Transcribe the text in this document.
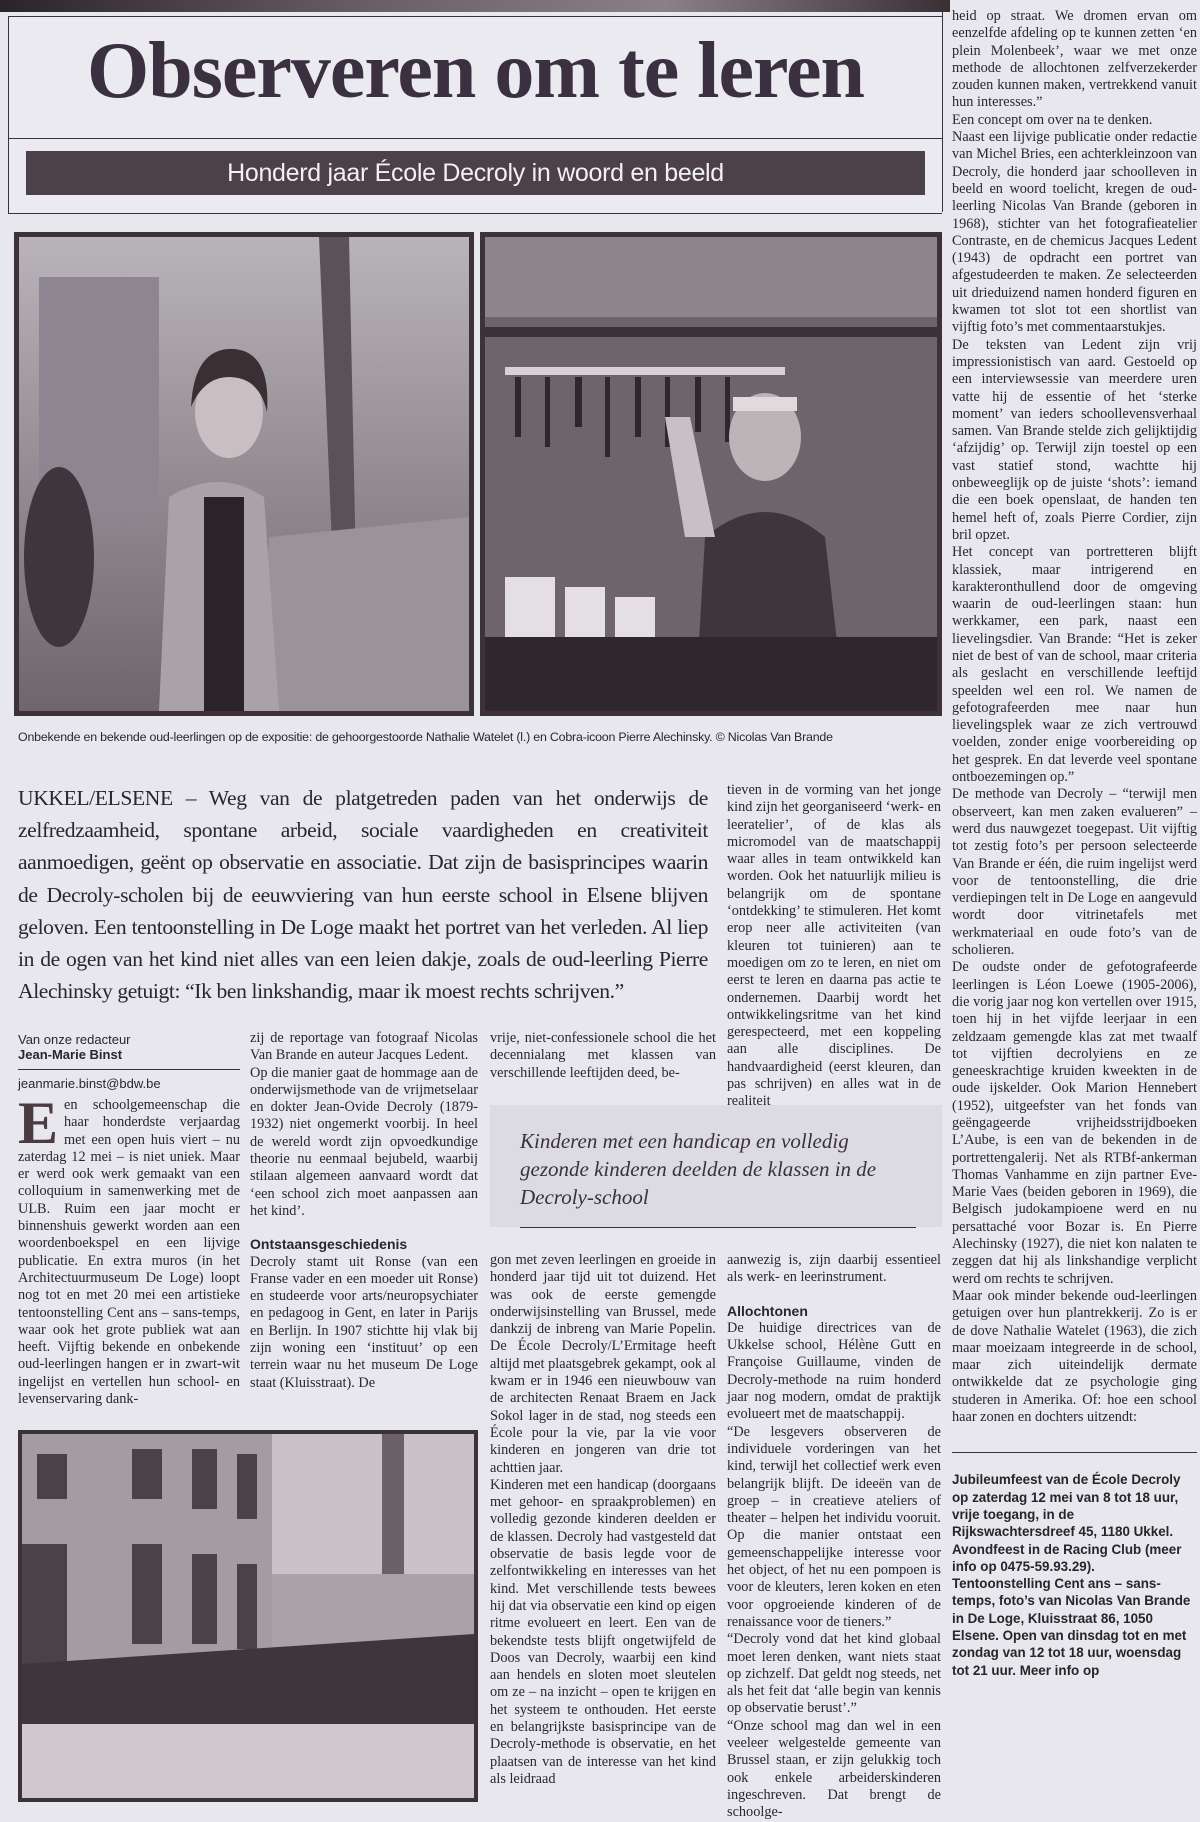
Observeren om te leren
Honderd jaar École Decroly in woord en beeld
Onbekende en bekende oud-leerlingen op de expositie: de gehoorgestoorde Nathalie Watelet (l.) en Cobra-icoon Pierre Alechinsky. © Nicolas Van Brande

UKKEL/ELSENE – Weg van de platgetreden paden van het onderwijs de zelfredzaamheid, spontane arbeid, sociale vaardigheden en creativiteit aanmoedigen, geënt op observatie en associatie. Dat zijn de basisprincipes waarin de Decroly-scholen bij de eeuwviering van hun eerste school in Elsene blijven geloven. Een tentoonstelling in De Loge maakt het portret van het verleden. Al liep in de ogen van het kind niet alles van een leien dakje, zoals de oud-leerling Pierre Alechinsky getuigt: “Ik ben linkshandig, maar ik moest rechts schrijven.”

Van onze redacteur
Jean-Marie Binst
jeanmarie.binst@bdw.be

Een schoolgemeenschap die haar honderdste verjaardag met een open huis viert – nu zaterdag 12 mei – is niet uniek. Maar er werd ook werk gemaakt van een colloquium in samenwerking met de ULB. Ruim een jaar mocht er binnenshuis gewerkt worden aan een woordenboekspel en een lijvige publicatie. En extra muros (in het Architectuurmuseum De Loge) loopt nog tot en met 20 mei een artistieke tentoonstelling Cent ans – sans-temps, waar ook het grote publiek wat aan heeft. Vijftig bekende en onbekende oud-leerlingen hangen er in zwart-wit ingelijst en vertellen hun school- en levenservaring dank-

zij de reportage van fotograaf Nicolas Van Brande en auteur Jacques Ledent.

Op die manier gaat de hommage aan de onderwijsmethode van de vrijmetselaar en dokter Jean-Ovide Decroly (1879-1932) niet ongemerkt voorbij. In heel de wereld wordt zijn opvoedkundige theorie nu eenmaal bejubeld, waarbij stilaan algemeen aanvaard wordt dat ‘een school zich moet aanpassen aan het kind’.

Ontstaansgeschiedenis

Decroly stamt uit Ronse (van een Franse vader en een moeder uit Ronse) en studeerde voor arts/neuropsychiater en pedagoog in Gent, en later in Parijs en Berlijn. In 1907 stichtte hij vlak bij zijn woning een ‘instituut’ op een terrein waar nu het museum De Loge staat (Kluisstraat). De

vrije, niet-confessionele school die het decennialang met klassen van verschillende leeftijden deed, be-

Kinderen met een handicap en volledig gezonde kinderen deelden de klassen in de Decroly-school

gon met zeven leerlingen en groeide in honderd jaar tijd uit tot duizend. Het was ook de eerste gemengde onderwijsinstelling van Brussel, mede dankzij de inbreng van Marie Popelin. De École Decroly/L’Ermitage heeft altijd met plaatsgebrek gekampt, ook al kwam er in 1946 een nieuwbouw van de architecten Renaat Braem en Jack Sokol lager in de stad, nog steeds een École pour la vie, par la vie voor kinderen en jongeren van drie tot achttien jaar.

Kinderen met een handicap (doorgaans met gehoor- en spraakproblemen) en volledig gezonde kinderen deelden er de klassen. Decroly had vastgesteld dat observatie de basis legde voor de zelfontwikkeling en interesses van het kind. Met verschillende tests bewees hij dat via observatie een kind op eigen ritme evolueert en leert. Een van de bekendste tests blijft ongetwijfeld de Doos van Decroly, waarbij een kind aan hendels en sloten moet sleutelen om ze – na inzicht – open te krijgen en het systeem te onthouden. Het eerste en belangrijkste basisprincipe van de Decroly-methode is observatie, en het plaatsen van de interesse van het kind als leidraad

tieven in de vorming van het jonge kind zijn het georganiseerd ‘werk- en leeratelier’, of de klas als micromodel van de maatschappij waar alles in team ontwikkeld kan worden. Ook het natuurlijk milieu is belangrijk om de spontane ‘ontdekking’ te stimuleren. Het komt erop neer alle activiteiten (van kleuren tot tuinieren) aan te moedigen om zo te leren, en niet om eerst te leren en daarna pas actie te ondernemen. Daarbij wordt het ontwikkelingsritme van het kind gerespecteerd, met een koppeling aan alle disciplines. De handvaardigheid (eerst kleuren, dan pas schrijven) en alles wat in de realiteit

aanwezig is, zijn daarbij essentieel als werk- en leerinstrument.

Allochtonen

De huidige directrices van de Ukkelse school, Hélène Gutt en Françoise Guillaume, vinden de Decroly-methode na ruim honderd jaar nog modern, omdat de praktijk evolueert met de maatschappij.

“De lesgevers observeren de individuele vorderingen van het kind, terwijl het collectief werk even belangrijk blijft. De ideeën van de groep – in creatieve ateliers of theater – helpen het individu vooruit. Op die manier ontstaat een gemeenschappelijke interesse voor het object, of het nu een pompoen is voor de kleuters, leren koken en eten voor opgroeiende kinderen of de renaissance voor de tieners.”

“Decroly vond dat het kind globaal moet leren denken, want niets staat op zichzelf. Dat geldt nog steeds, net als het feit dat ‘alle begin van kennis op observatie berust’.”

“Onze school mag dan wel in een veeleer welgestelde gemeente van Brussel staan, er zijn gelukkig toch ook enkele arbeiderskinderen ingeschreven. Dat brengt de schoolge-

heid op straat. We dromen ervan om eenzelfde afdeling op te kunnen zetten ‘en plein Molenbeek’, waar we met onze methode de allochtonen zelfverzekerder zouden kunnen maken, vertrekkend vanuit hun interesses.”

Een concept om over na te denken.

Naast een lijvige publicatie onder redactie van Michel Bries, een achterkleinzoon van Decroly, die honderd jaar schoolleven in beeld en woord toelicht, kregen de oud-leerling Nicolas Van Brande (geboren in 1968), stichter van het fotografieatelier Contraste, en de chemicus Jacques Ledent (1943) de opdracht een portret van afgestudeerden te maken. Ze selecteerden uit drieduizend namen honderd figuren en kwamen tot slot tot een shortlist van vijftig foto’s met commentaarstukjes.

De teksten van Ledent zijn vrij impressionistisch van aard. Gestoeld op een interviewsessie van meerdere uren vatte hij de essentie of het ‘sterke moment’ van ieders schoollevensverhaal samen. Van Brande stelde zich gelijktijdig ‘afzijdig’ op. Terwijl zijn toestel op een vast statief stond, wachtte hij onbeweeglijk op de juiste ‘shots’: iemand die een boek openslaat, de handen ten hemel heft of, zoals Pierre Cordier, zijn bril opzet.

Het concept van portretteren blijft klassiek, maar intrigerend en karakteronthullend door de omgeving waarin de oud-leerlingen staan: hun werkkamer, een park, naast een lievelingsdier. Van Brande: “Het is zeker niet de best of van de school, maar criteria als geslacht en verschillende leeftijd speelden wel een rol. We namen de gefotografeerden mee naar hun lievelingsplek waar ze zich vertrouwd voelden, zonder enige voorbereiding op het gesprek. En dat leverde veel spontane ontboezemingen op.”

De methode van Decroly – “terwijl men observeert, kan men zaken evalueren” – werd dus nauwgezet toegepast. Uit vijftig tot zestig foto’s per persoon selecteerde Van Brande er één, die ruim ingelijst werd voor de tentoonstelling, die drie verdiepingen telt in De Loge en aangevuld wordt door vitrinetafels met werkmateriaal en oude foto’s van de scholieren.

De oudste onder de gefotografeerde leerlingen is Léon Loewe (1905-2006), die vorig jaar nog kon vertellen over 1915, toen hij in het vijfde leerjaar in een zeldzaam gemengde klas zat met twaalf tot vijftien decrolyiens en ze geneeskrachtige kruiden kweekten in de oude ijskelder. Ook Marion Hennebert (1952), uitgeefster van het fonds van geëngageerde vrijheidsstrijdboeken L’Aube, is een van de bekenden in de portrettengalerij. Net als RTBf-ankerman Thomas Vanhamme en zijn partner Eve-Marie Vaes (beiden geboren in 1969), die Belgisch judokampioene werd en nu persattaché voor Bozar is. En Pierre Alechinsky (1927), die niet kon nalaten te zeggen dat hij als linkshandige verplicht werd om rechts te schrijven.

Maar ook minder bekende oud-leerlingen getuigen over hun plantrekkerij. Zo is er de dove Nathalie Watelet (1963), die zich maar moeizaam integreerde in de school, maar zich uiteindelijk dermate ontwikkelde dat ze psychologie ging studeren in Amerika. Of: hoe een school haar zonen en dochters uitzendt:

Jubileumfeest van de École Decroly op zaterdag 12 mei van 8 tot 18 uur, vrije toegang, in de Rijkswachtersdreef 45, 1180 Ukkel. Avondfeest in de Racing Club (meer info op 0475-59.93.29).

Tentoonstelling Cent ans – sans-temps, foto’s van Nicolas Van Brande in De Loge, Kluisstraat 86, 1050 Elsene. Open van dinsdag tot en met zondag van 12 tot 18 uur, woensdag tot 21 uur. Meer info op
